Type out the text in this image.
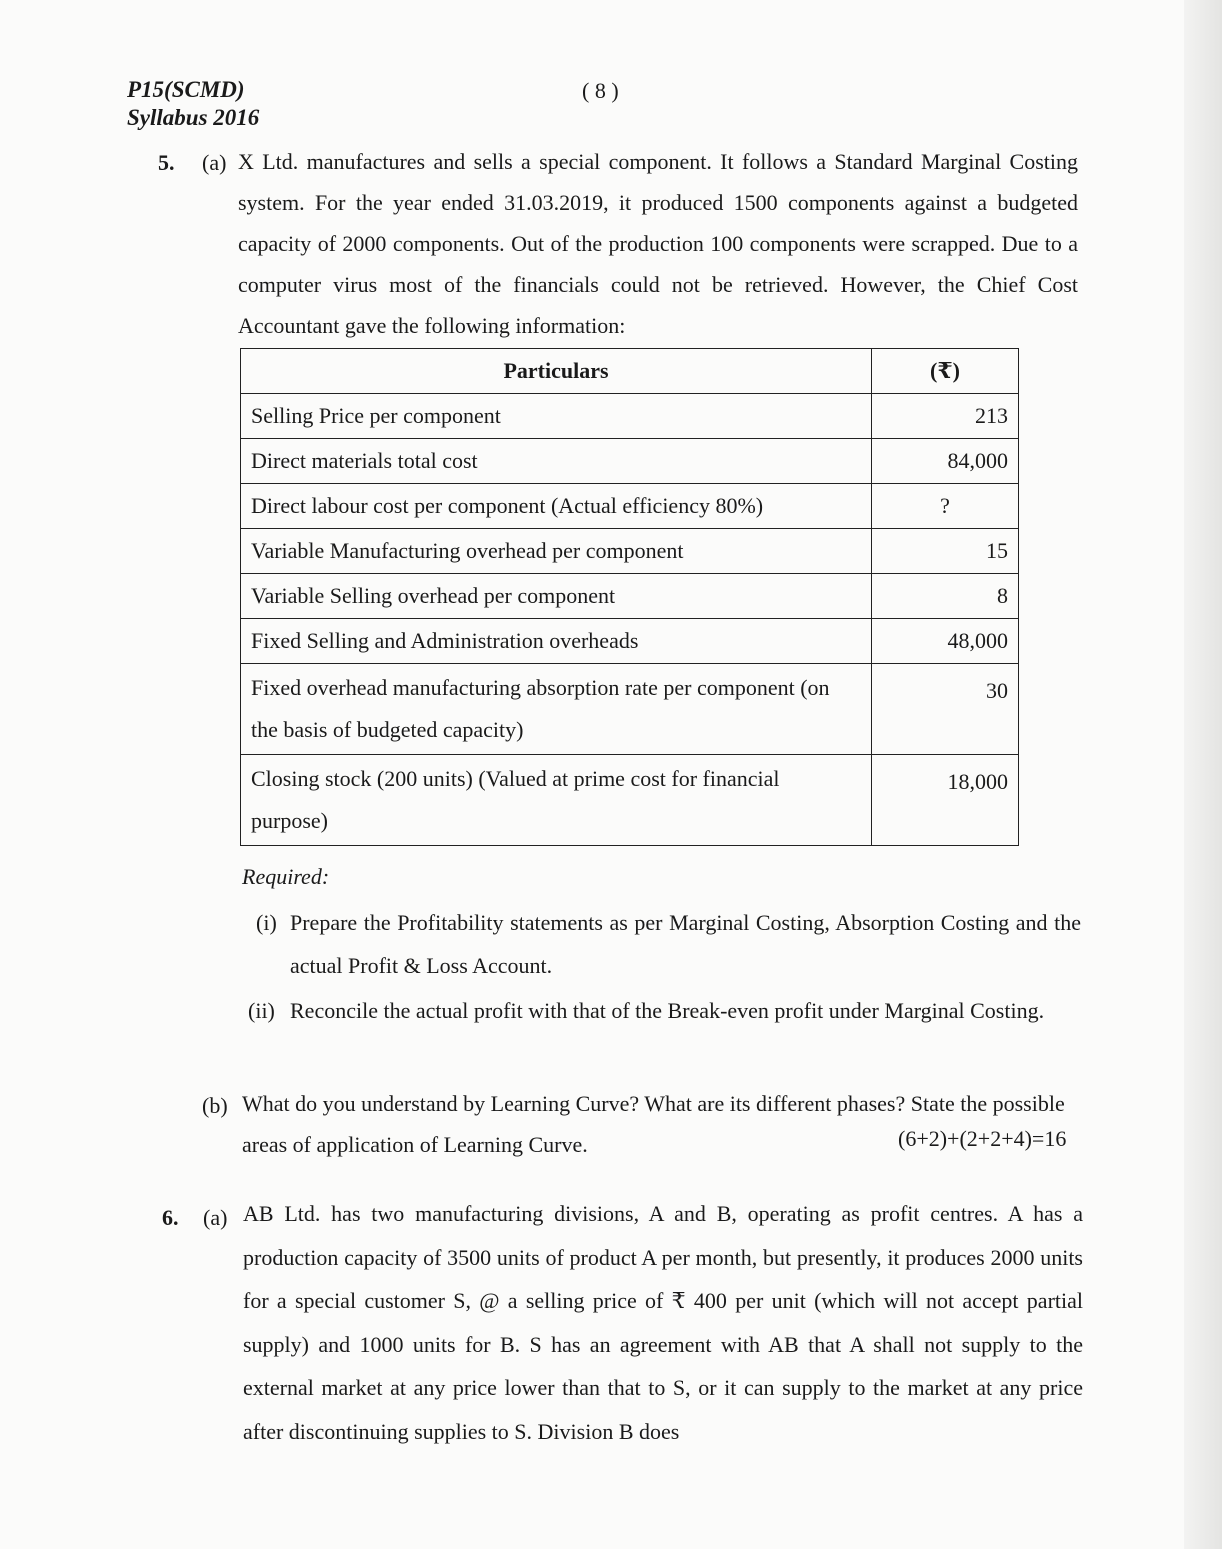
P15(SCMD)
Syllabus 2016
( 8 )
5. (a) X Ltd. manufactures and sells a special component. It follows a Standard Marginal Costing system. For the year ended 31.03.2019, it produced 1500 components against a budgeted capacity of 2000 components. Out of the production 100 components were scrapped. Due to a computer virus most of the financials could not be retrieved. However, the Chief Cost Accountant gave the following information:

Particulars	(₹)
Selling Price per component	213
Direct materials total cost	84,000
Direct labour cost per component (Actual efficiency 80%)	?
Variable Manufacturing overhead per component	15
Variable Selling overhead per component	8
Fixed Selling and Administration overheads	48,000
Fixed overhead manufacturing absorption rate per component (on the basis of budgeted capacity)	30
Closing stock (200 units) (Valued at prime cost for financial purpose)	18,000
Required:

(i) Prepare the Profitability statements as per Marginal Costing, Absorption Costing and the actual Profit & Loss Account.

(ii) Reconcile the actual profit with that of the Break-even profit under Marginal Costing.

(b) What do you understand by Learning Curve? What are its different phases? State the possible areas of application of Learning Curve.	(6+2)+(2+2+4)=16
6. (a) AB Ltd. has two manufacturing divisions, A and B, operating as profit centres. A has a production capacity of 3500 units of product A per month, but presently, it produces 2000 units for a special customer S, @ a selling price of ₹ 400 per unit (which will not accept partial supply) and 1000 units for B. S has an agreement with AB that A shall not supply to the external market at any price lower than that to S, or it can supply to the market at any price after discontinuing supplies to S. Division B does
